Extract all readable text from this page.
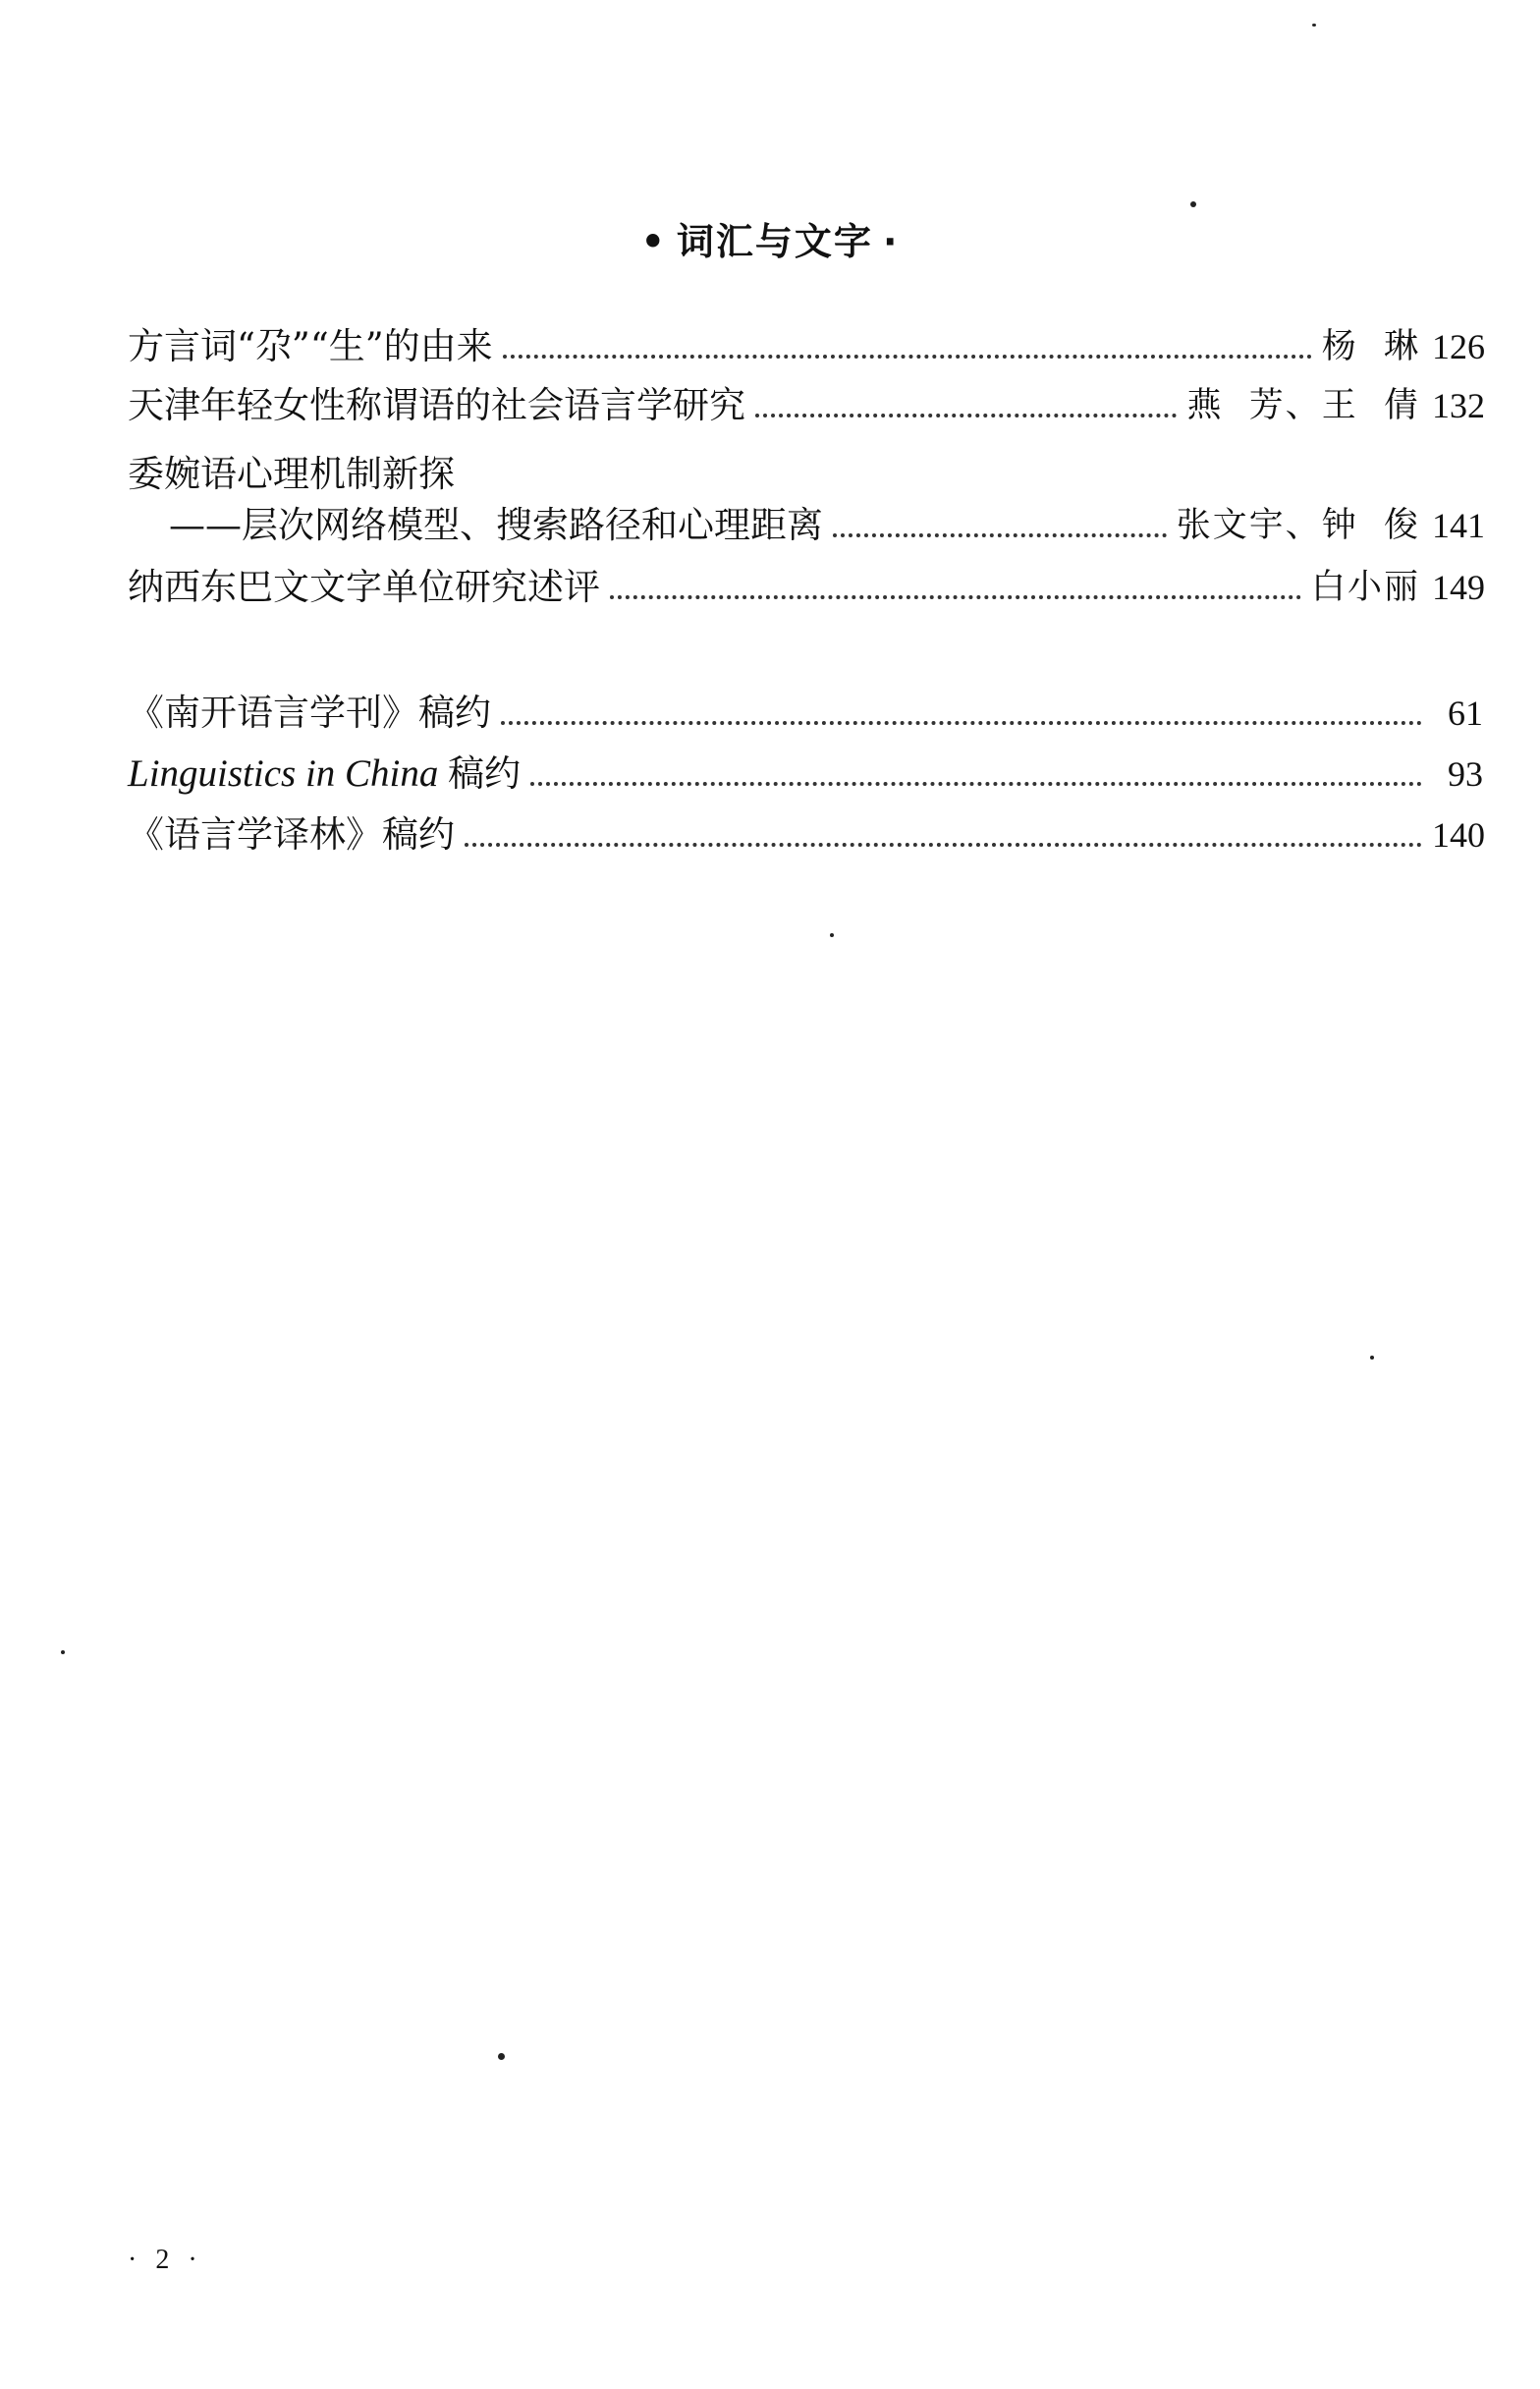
• 词汇与文字 ·
方言词“尕”“生”的由来	杨  琳 126
天津年轻女性称谓语的社会语言学研究	燕  芳、王  倩 132
委婉语心理机制新探
——层次网络模型、搜索路径和心理距离	张文宇、钟  俊 141
纳西东巴文文字单位研究述评	白小丽 149
《南开语言学刊》稿约	61
Linguistics in China 稿约	93
《语言学译林》稿约	140
· 2 ·
